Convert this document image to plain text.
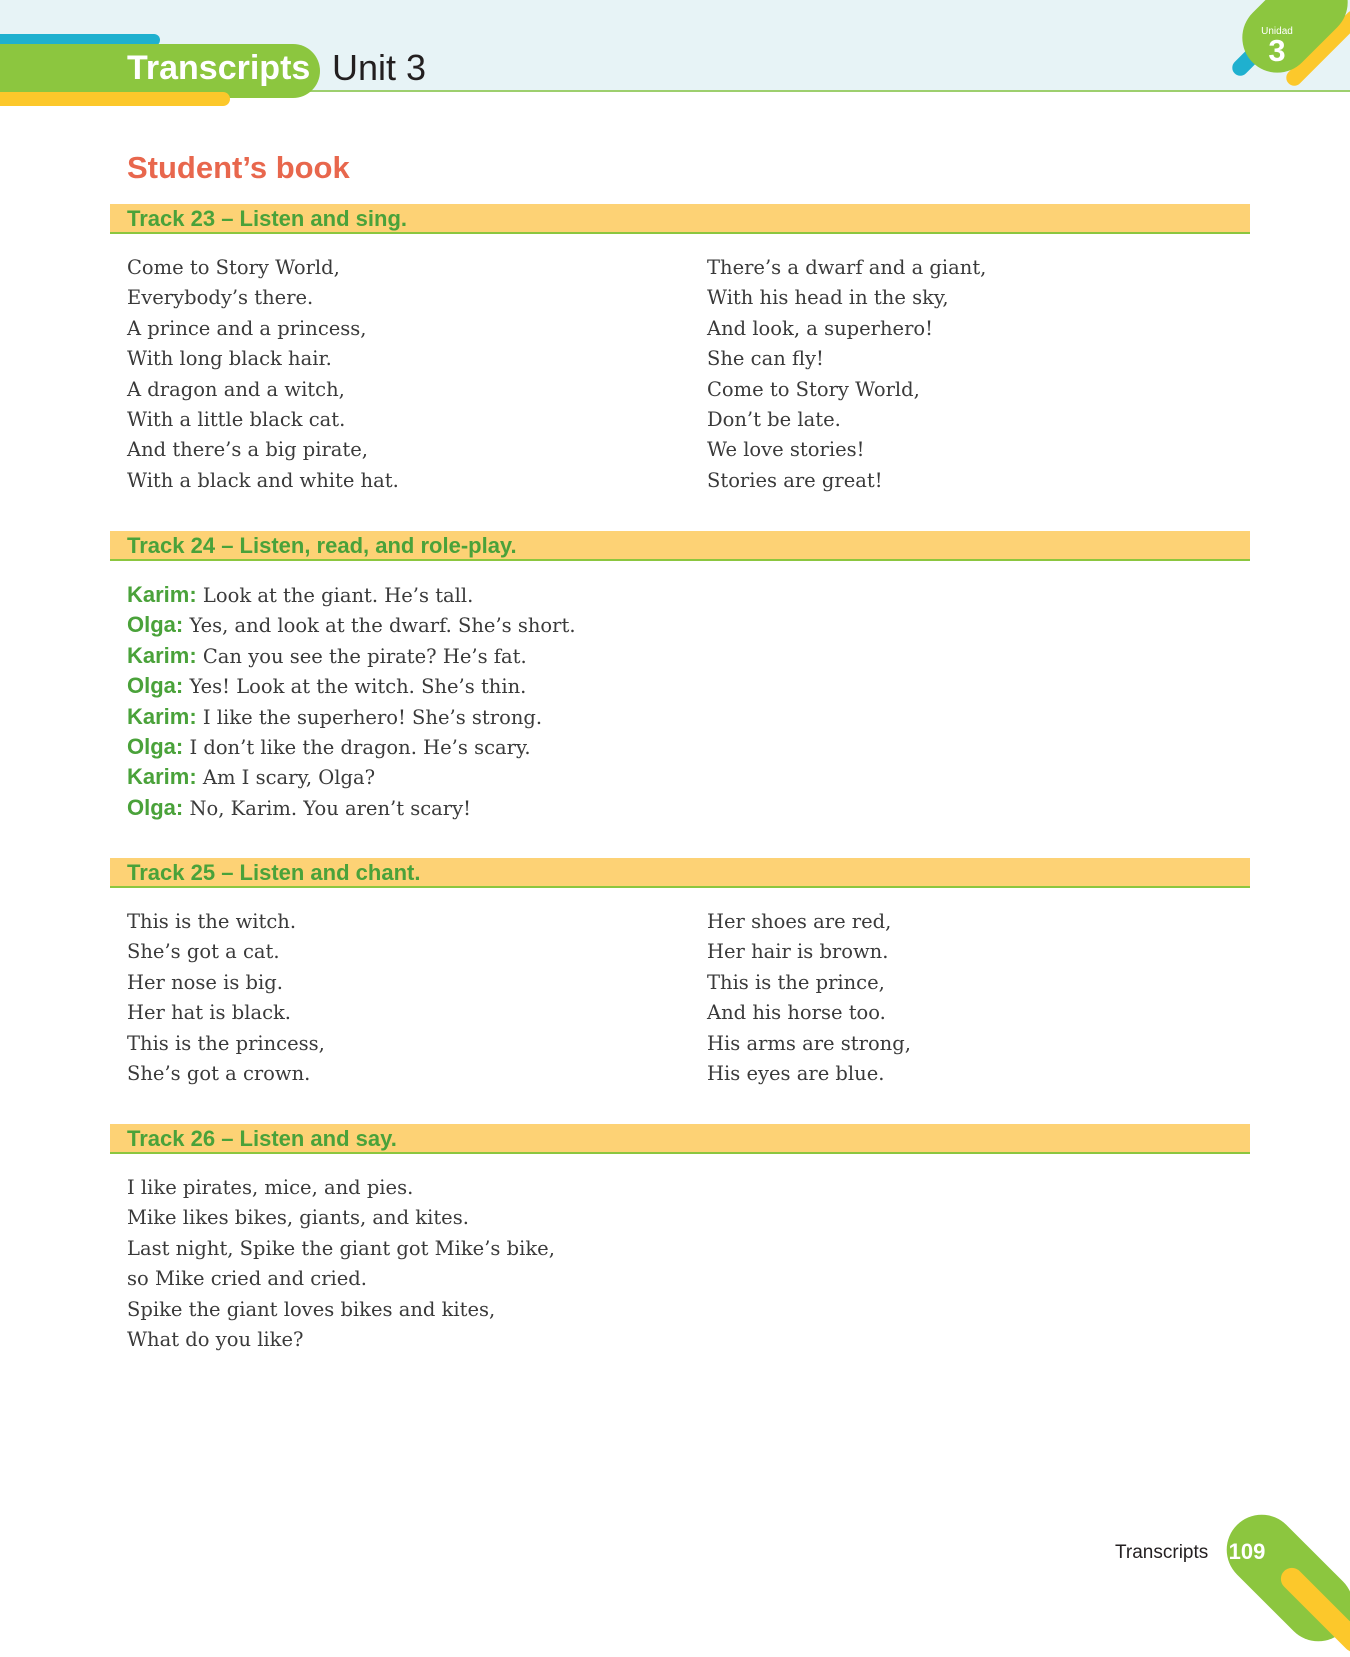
Transcripts Unit 3
Unidad
3
Student’s book
Track 23 – Listen and sing.
Come to Story World,
Everybody’s there.
A prince and a princess,
With long black hair.
A dragon and a witch,
With a little black cat.
And there’s a big pirate,
With a black and white hat.
There’s a dwarf and a giant,
With his head in the sky,
And look, a superhero!
She can fly!
Come to Story World,
Don’t be late.
We love stories!
Stories are great!
Track 24 – Listen, read, and role-play.
Karim: Look at the giant. He’s tall.
Olga: Yes, and look at the dwarf. She’s short.
Karim: Can you see the pirate? He’s fat.
Olga: Yes! Look at the witch. She’s thin.
Karim: I like the superhero! She’s strong.
Olga: I don’t like the dragon. He’s scary.
Karim: Am I scary, Olga?
Olga: No, Karim. You aren’t scary!
Track 25 – Listen and chant.
This is the witch.
She’s got a cat.
Her nose is big.
Her hat is black.
This is the princess,
She’s got a crown.
Her shoes are red,
Her hair is brown.
This is the prince,
And his horse too.
His arms are strong,
His eyes are blue.
Track 26 – Listen and say.
I like pirates, mice, and pies.
Mike likes bikes, giants, and kites.
Last night, Spike the giant got Mike’s bike,
so Mike cried and cried.
Spike the giant loves bikes and kites,
What do you like?
Transcripts 109
